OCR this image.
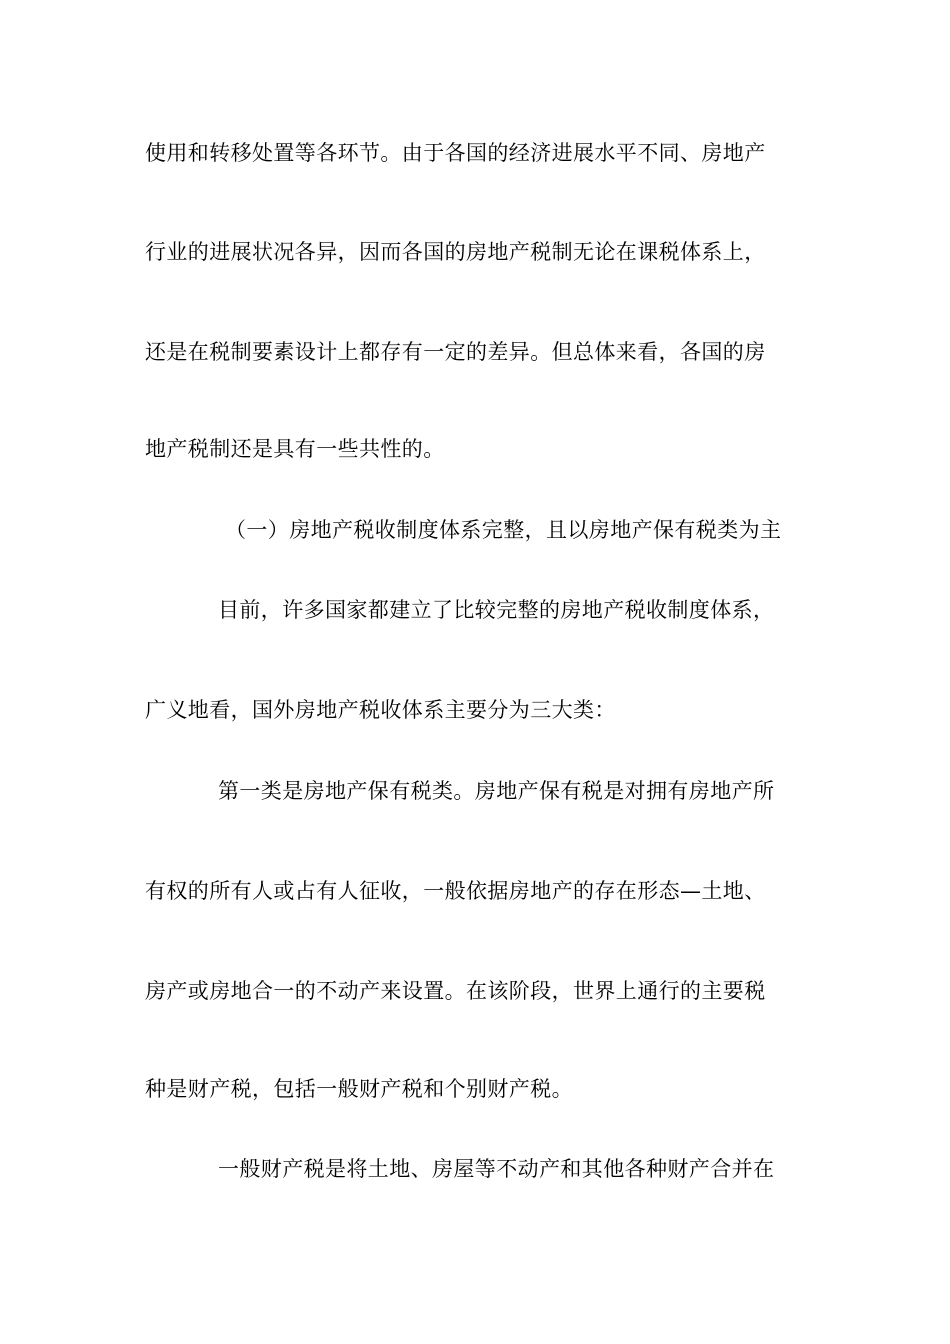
使用和转移处置等各环节。由于各国的经济进展水平不同、房地产
行业的进展状况各异，因而各国的房地产税制无论在课税体系上，
还是在税制要素设计上都存有一定的差异。但总体来看，各国的房
地产税制还是具有一些共性的。
（一）房地产税收制度体系完整，且以房地产保有税类为主
目前，许多国家都建立了比较完整的房地产税收制度体系，
广义地看，国外房地产税收体系主要分为三大类：
第一类是房地产保有税类。房地产保有税是对拥有房地产所
有权的所有人或占有人征收，一般依据房地产的存在形态—土地、
房产或房地合一的不动产来设置。在该阶段，世界上通行的主要税
种是财产税，包括一般财产税和个别财产税。
一般财产税是将土地、房屋等不动产和其他各种财产合并在
